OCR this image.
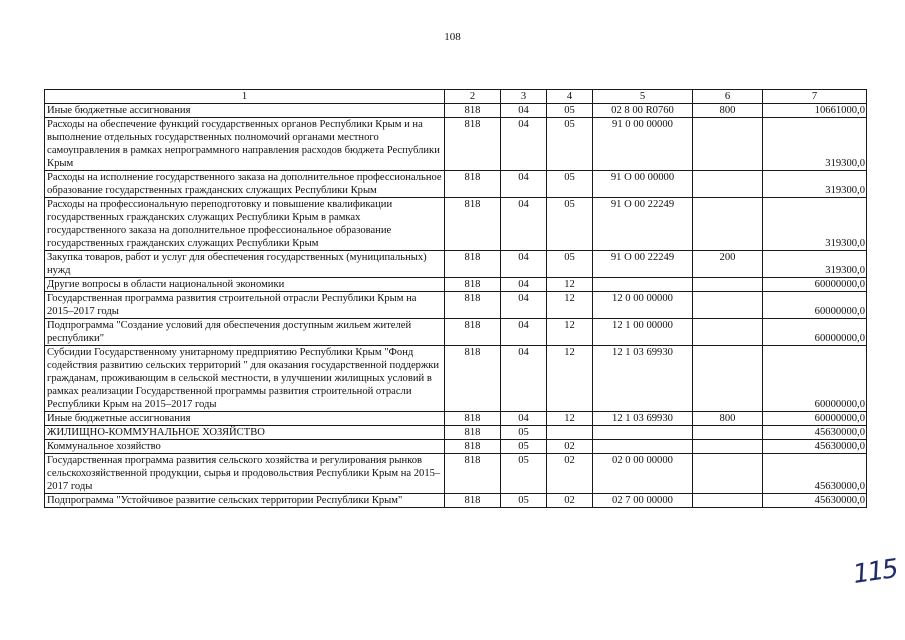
108
1	2	3	4	5	6	7
Иные бюджетные ассигнования	818	04	05	02 8 00 R0760	800	10661000,0
Расходы на обеспечение функций государственных органов Республики Крым и на выполнение отдельных государственных полномочий органами местного самоуправления в рамках непрограммного направления расходов бюджета Республики Крым	818	04	05	91 0 00 00000		319300,0
Расходы на исполнение государственного заказа на дополнительное профессиональное образование государственных гражданских служащих Республики Крым	818	04	05	91 О 00 00000		319300,0
Расходы на профессиональную переподготовку и повышение квалификации государственных гражданских служащих Республики Крым в рамках государственного заказа на дополнительное профессиональное образование государственных гражданских служащих Республики Крым	818	04	05	91 О 00 22249		319300,0
Закупка товаров, работ и услуг для обеспечения государственных (муниципальных) нужд	818	04	05	91 О 00 22249	200	319300,0
Другие вопросы в области национальной экономики	818	04	12			60000000,0
Государственная программа развития строительной отрасли Республики Крым на 2015–2017 годы	818	04	12	12 0 00 00000		60000000,0
Подпрограмма "Создание условий для обеспечения доступным жильем жителей республики"	818	04	12	12 1 00 00000		60000000,0
Субсидии Государственному унитарному предприятию Республики Крым "Фонд содействия развитию сельских территорий " для оказания государственной поддержки гражданам, проживающим в сельской местности, в улучшении жилищных условий в рамках реализации Государственной программы развития строительной отрасли Республики Крым на 2015–2017 годы	818	04	12	12 1 03 69930		60000000,0
Иные бюджетные ассигнования	818	04	12	12 1 03 69930	800	60000000,0
ЖИЛИЩНО-КОММУНАЛЬНОЕ ХОЗЯЙСТВО	818	05				45630000,0
Коммунальное хозяйство	818	05	02			45630000,0
Государственная программа развития сельского хозяйства и регулирования рынков сельскохозяйственной продукции, сырья и продовольствия Республики Крым на 2015–2017 годы	818	05	02	02 0 00 00000		45630000,0
Подпрограмма "Устойчивое развитие сельских территории Республики Крым"	818	05	02	02 7 00 00000		45630000,0
115
